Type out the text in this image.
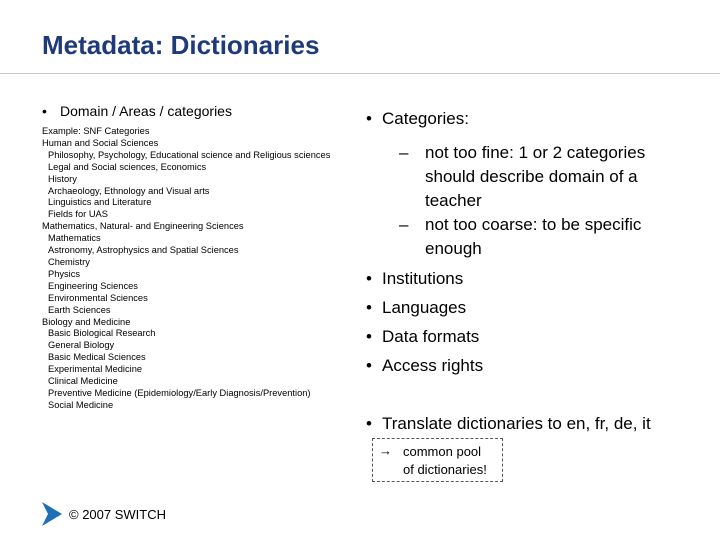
Metadata: Dictionaries
• Domain / Areas / categories
Example: SNF Categories
Human and Social Sciences
Philosophy, Psychology, Educational science and Religious sciences
Legal and Social sciences, Economics
History
Archaeology, Ethnology and Visual arts
Linguistics and Literature
Fields for UAS
Mathematics, Natural- and Engineering Sciences
Mathematics
Astronomy, Astrophysics and Spatial Sciences
Chemistry
Physics
Engineering Sciences
Environmental Sciences
Earth Sciences
Biology and Medicine
Basic Biological Research
General Biology
Basic Medical Sciences
Experimental Medicine
Clinical Medicine
Preventive Medicine (Epidemiology/Early Diagnosis/Prevention)
Social Medicine
• Categories:
– not too fine: 1 or 2 categories
should describe domain of a
teacher
– not too coarse: to be specific
enough
• Institutions
• Languages
• Data formats
• Access rights
• Translate dictionaries to en, fr, de, it
→ common pool
of dictionaries!
© 2007 SWITCH
